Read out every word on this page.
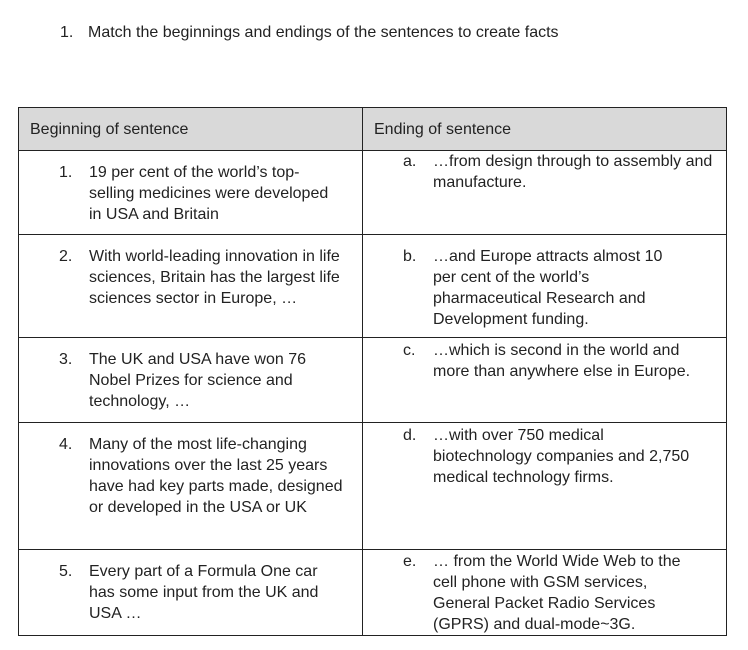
1. Match the beginnings and endings of the sentences to create facts
Beginning of sentence	Ending of sentence

1. 19 per cent of the world’s top-selling medicines were developed in USA and Britain	a. …from design through to assembly and manufacture.

2. With world-leading innovation in life sciences, Britain has the largest life sciences sector in Europe, …	b. …and Europe attracts almost 10 per cent of the world’s pharmaceutical Research and Development funding.

3. The UK and USA have won 76 Nobel Prizes for science and technology, …	c. …which is second in the world and more than anywhere else in Europe.

4. Many of the most life-changing innovations over the last 25 years have had key parts made, designed or developed in the USA or UK	d. …with over 750 medical biotechnology companies and 2,750 medical technology firms.

5. Every part of a Formula One car has some input from the UK and USA …	e. … from the World Wide Web to the cell phone with GSM services, General Packet Radio Services (GPRS) and dual-mode~3G.
